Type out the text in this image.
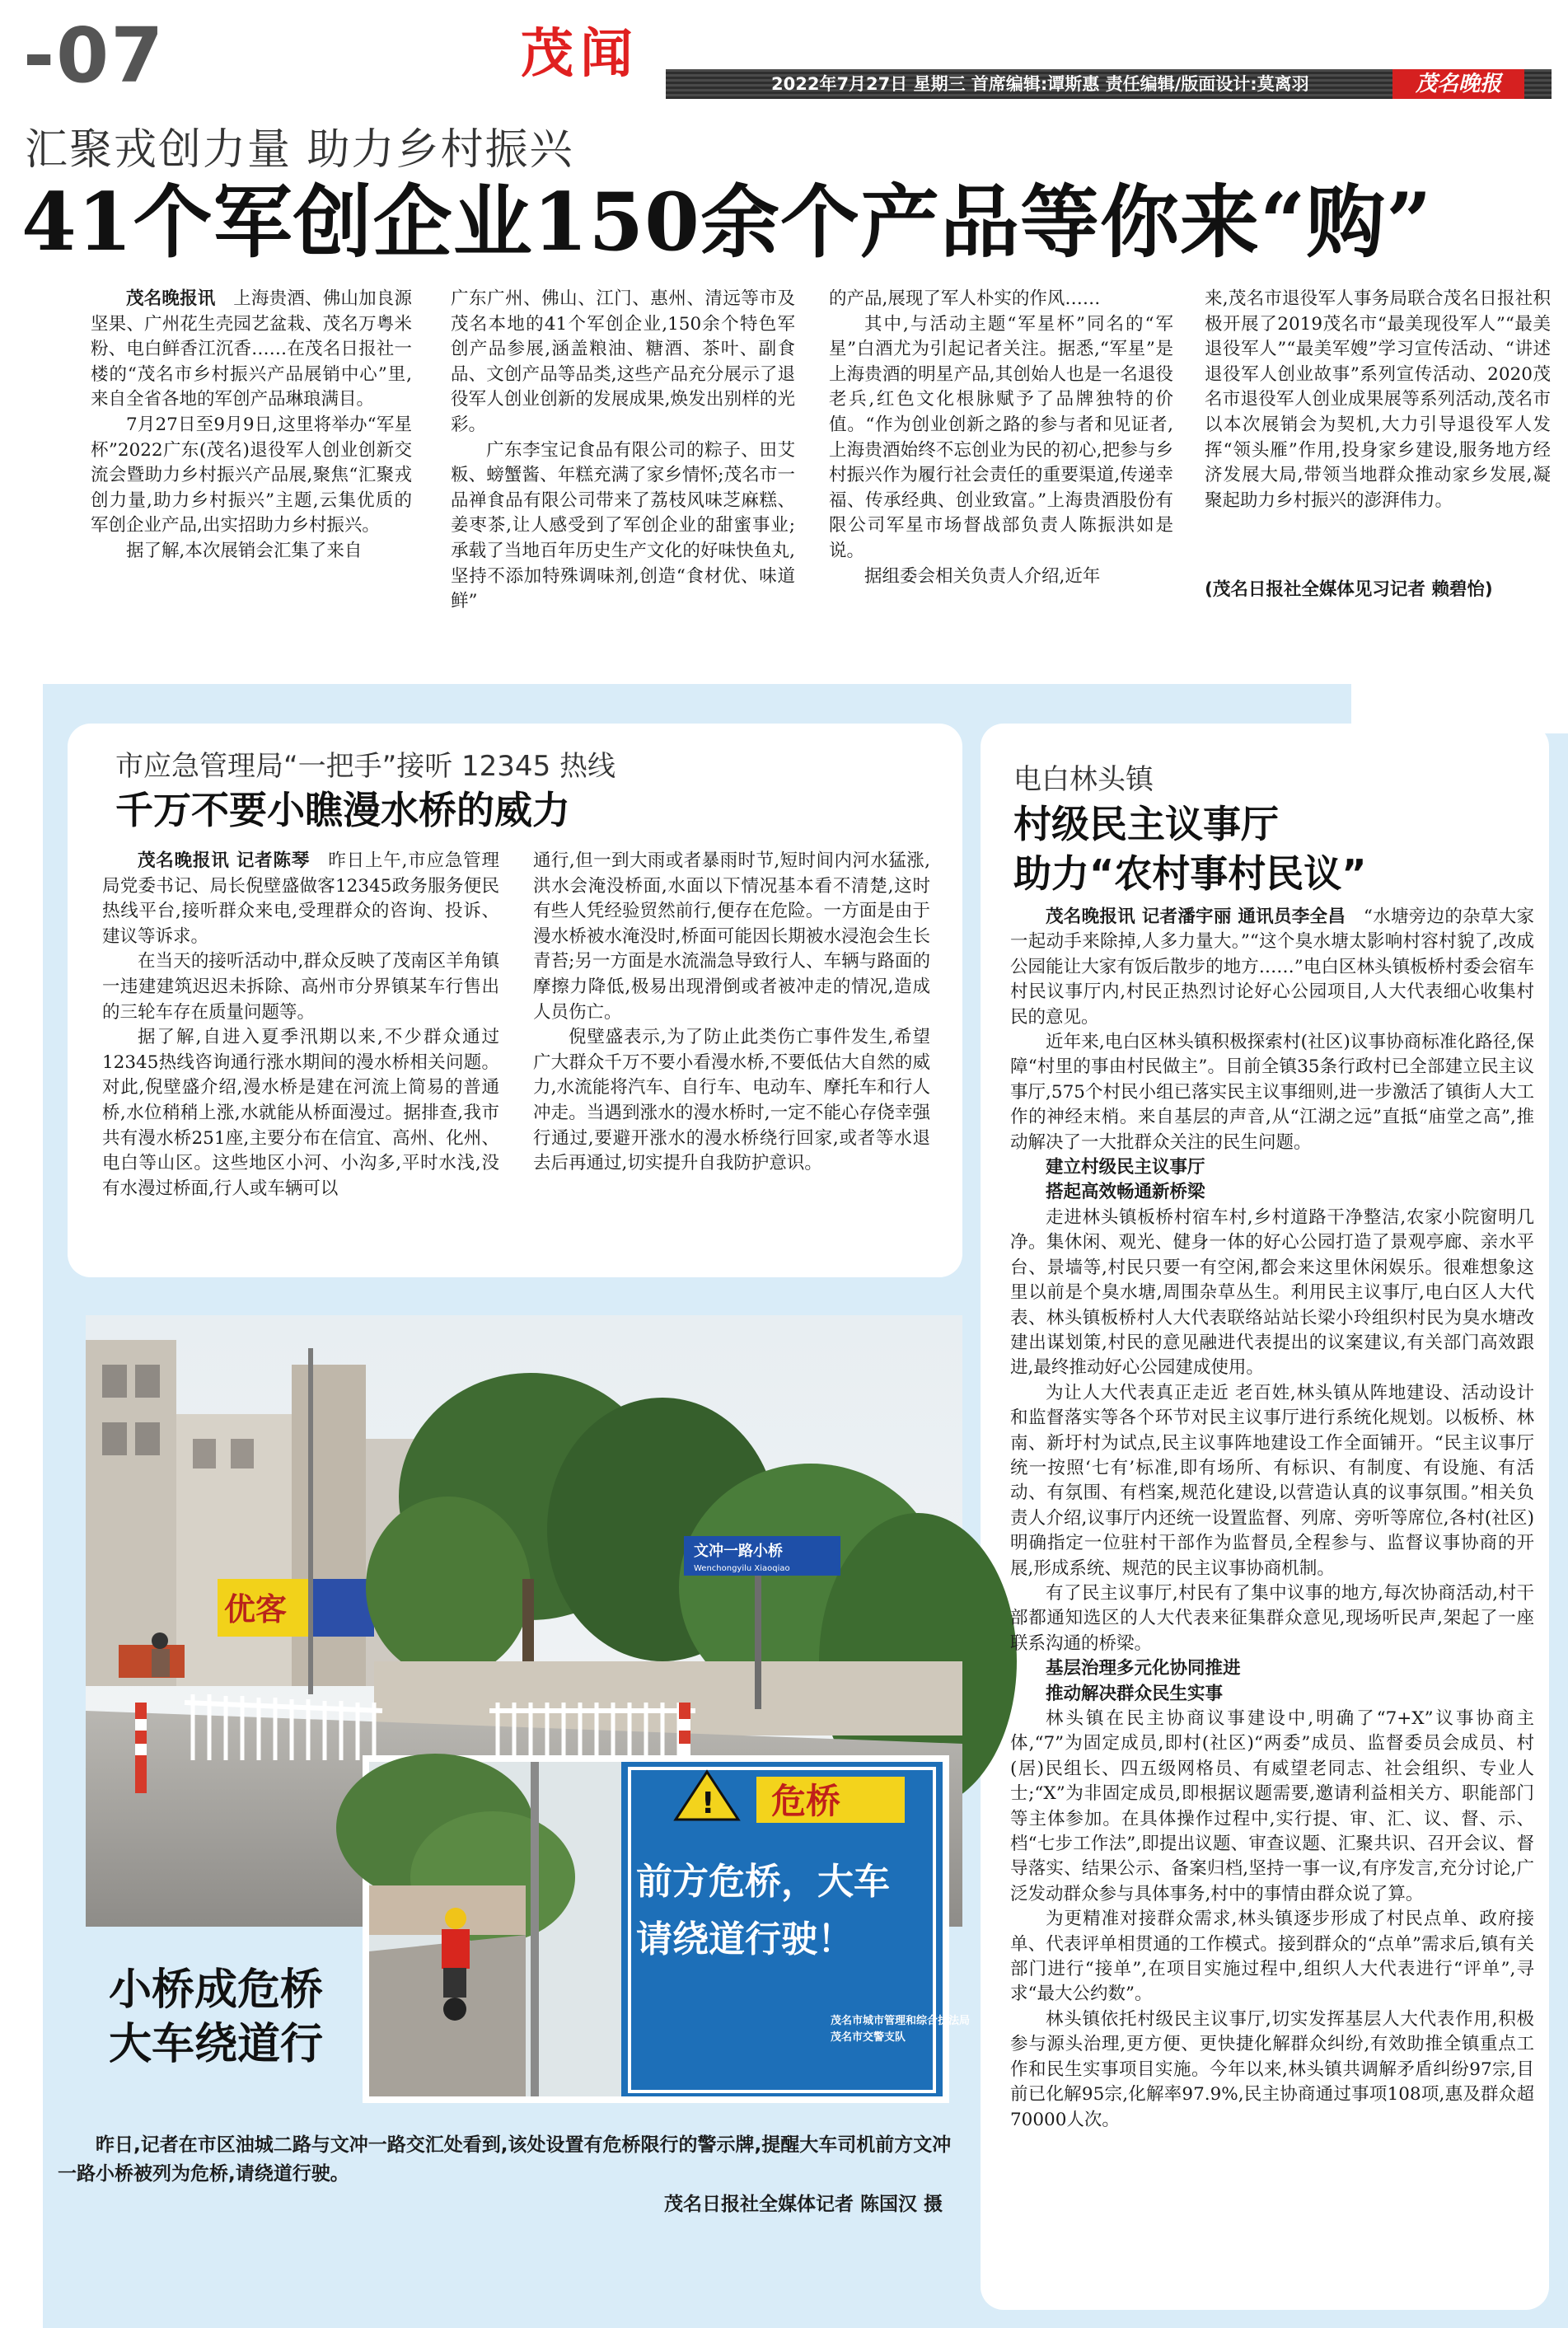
-07	茂闻	2022年7月27日 星期三 首席编辑:谭斯惠 责任编辑/版面设计:莫离羽	茂名晚报
汇聚戎创力量 助力乡村振兴
41个军创企业150余个产品等你来“购”

茂名晚报讯　 上海贵酒、佛山加良源坚果、广州花生壳园艺盆栽、茂名万粤米粉、电白鲜香江沉香……在茂名日报社一楼的“茂名市乡村振兴产品展销中心”里,来自全省各地的军创产品琳琅满目。

7月27日至9月9日,这里将举办“军星杯”2022广东(茂名)退役军人创业创新交流会暨助力乡村振兴产品展,聚焦“汇聚戎创力量,助力乡村振兴”主题,云集优质的军创企业产品,出实招助力乡村振兴。

据了解,本次展销会汇集了来自

广东广州、佛山、江门、惠州、清远等市及茂名本地的41个军创企业,150余个特色军创产品参展,涵盖粮油、糖酒、茶叶、副食品、文创产品等品类,这些产品充分展示了退役军人创业创新的发展成果,焕发出别样的光彩。

广东李宝记食品有限公司的粽子、田艾粄、螃蟹酱、年糕充满了家乡情怀;茂名市一品禅食品有限公司带来了荔枝风味芝麻糕、姜枣茶,让人感受到了军创企业的甜蜜事业;承载了当地百年历史生产文化的好味快鱼丸,坚持不添加特殊调味剂,创造“食材优、味道鲜”

的产品,展现了军人朴实的作风……

其中,与活动主题“军星杯”同名的“军星”白酒尤为引起记者关注。据悉,“军星”是上海贵酒的明星产品,其创始人也是一名退役老兵,红色文化根脉赋予了品牌独特的价值。“作为创业创新之路的参与者和见证者,上海贵酒始终不忘创业为民的初心,把参与乡村振兴作为履行社会责任的重要渠道,传递幸福、传承经典、创业致富。”上海贵酒股份有限公司军星市场督战部负责人陈振洪如是说。

据组委会相关负责人介绍,近年

来,茂名市退役军人事务局联合茂名日报社积极开展了2019茂名市“最美现役军人”“最美退役军人”“最美军嫂”学习宣传活动、“讲述退役军人创业故事”系列宣传活动、2020茂名市退役军人创业成果展等系列活动,茂名市以本次展销会为契机,大力引导退役军人发挥“领头雁”作用,投身家乡建设,服务地方经济发展大局,带领当地群众推动家乡发展,凝聚起助力乡村振兴的澎湃伟力。

(茂名日报社全媒体见习记者 赖碧怡)
市应急管理局“一把手”接听 12345 热线
千万不要小瞧漫水桥的威力

茂名晚报讯 记者陈琴　 昨日上午,市应急管理局党委书记、局长倪壁盛做客12345政务服务便民热线平台,接听群众来电,受理群众的咨询、投诉、建议等诉求。

在当天的接听活动中,群众反映了茂南区羊角镇一违建建筑迟迟未拆除、高州市分界镇某车行售出的三轮车存在质量问题等。

据了解,自进入夏季汛期以来,不少群众通过12345热线咨询通行涨水期间的漫水桥相关问题。对此,倪壁盛介绍,漫水桥是建在河流上简易的普通桥,水位稍稍上涨,水就能从桥面漫过。据排查,我市共有漫水桥251座,主要分布在信宜、高州、化州、电白等山区。这些地区小河、小沟多,平时水浅,没有水漫过桥面,行人或车辆可以

通行,但一到大雨或者暴雨时节,短时间内河水猛涨,洪水会淹没桥面,水面以下情况基本看不清楚,这时有些人凭经验贸然前行,便存在危险。一方面是由于漫水桥被水淹没时,桥面可能因长期被水浸泡会生长青苔;另一方面是水流湍急导致行人、车辆与路面的摩擦力降低,极易出现滑倒或者被冲走的情况,造成人员伤亡。

倪壁盛表示,为了防止此类伤亡事件发生,希望广大群众千万不要小看漫水桥,不要低估大自然的威力,水流能将汽车、自行车、电动车、摩托车和行人冲走。当遇到涨水的漫水桥时,一定不能心存侥幸强行通过,要避开涨水的漫水桥绕行回家,或者等水退去后再通过,切实提升自我防护意识。

优客
文冲一路小桥
Wenchongyilu Xiaoqiao
! 危桥
前方危桥，大车
请绕道行驶！
茂名市城市管理和综合执法局
茂名市交警支队
小桥成危桥
大车绕道行
昨日,记者在市区油城二路与文冲一路交汇处看到,该处设置有危桥限行的警示牌,提醒大车司机前方文冲一路小桥被列为危桥,请绕道行驶。
茂名日报社全媒体记者 陈国汉 摄
电白林头镇
村级民主议事厅
助力“农村事村民议”

茂名晚报讯 记者潘宇丽 通讯员李全昌　 “水塘旁边的杂草大家一起动手来除掉,人多力量大。”“这个臭水塘太影响村容村貌了,改成公园能让大家有饭后散步的地方……”电白区林头镇板桥村委会宿车村民议事厅内,村民正热烈讨论好心公园项目,人大代表细心收集村民的意见。

近年来,电白区林头镇积极探索村(社区)议事协商标准化路径,保障“村里的事由村民做主”。目前全镇35条行政村已全部建立民主议事厅,575个村民小组已落实民主议事细则,进一步激活了镇街人大工作的神经末梢。来自基层的声音,从“江湖之远”直抵“庙堂之高”,推动解决了一大批群众关注的民生问题。

建立村级民主议事厅

搭起高效畅通新桥梁

走进林头镇板桥村宿车村,乡村道路干净整洁,农家小院窗明几净。集休闲、观光、健身一体的好心公园打造了景观亭廊、亲水平台、景墙等,村民只要一有空闲,都会来这里休闲娱乐。很难想象这里以前是个臭水塘,周围杂草丛生。利用民主议事厅,电白区人大代表、林头镇板桥村人大代表联络站站长梁小玲组织村民为臭水塘改建出谋划策,村民的意见融进代表提出的议案建议,有关部门高效跟进,最终推动好心公园建成使用。

为让人大代表真正走近 老百姓,林头镇从阵地建设、活动设计和监督落实等各个环节对民主议事厅进行系统化规划。以板桥、林南、新圩村为试点,民主议事阵地建设工作全面铺开。“民主议事厅统一按照‘七有’标准,即有场所、有标识、有制度、有设施、有活动、有氛围、有档案,规范化建设,以营造认真的议事氛围。”相关负责人介绍,议事厅内还统一设置监督、列席、旁听等席位,各村(社区)明确指定一位驻村干部作为监督员,全程参与、监督议事协商的开展,形成系统、规范的民主议事协商机制。

有了民主议事厅,村民有了集中议事的地方,每次协商活动,村干部都通知选区的人大代表来征集群众意见,现场听民声,架起了一座联系沟通的桥梁。

基层治理多元化协同推进

推动解决群众民生实事

林头镇在民主协商议事建设中,明确了“7+X”议事协商主体,“7”为固定成员,即村(社区)“两委”成员、监督委员会成员、村(居)民组长、四五级网格员、有威望老同志、社会组织、专业人士;“X”为非固定成员,即根据议题需要,邀请利益相关方、职能部门等主体参加。在具体操作过程中,实行提、审、汇、议、督、示、档“七步工作法”,即提出议题、审查议题、汇聚共识、召开会议、督导落实、结果公示、备案归档,坚持一事一议,有序发言,充分讨论,广泛发动群众参与具体事务,村中的事情由群众说了算。

为更精准对接群众需求,林头镇逐步形成了村民点单、政府接单、代表评单相贯通的工作模式。接到群众的“点单”需求后,镇有关部门进行“接单”,在项目实施过程中,组织人大代表进行“评单”,寻求“最大公约数”。

林头镇依托村级民主议事厅,切实发挥基层人大代表作用,积极参与源头治理,更方便、更快捷化解群众纠纷,有效助推全镇重点工作和民生实事项目实施。今年以来,林头镇共调解矛盾纠纷97宗,目前已化解95宗,化解率97.9%,民主协商通过事项108项,惠及群众超70000人次。
